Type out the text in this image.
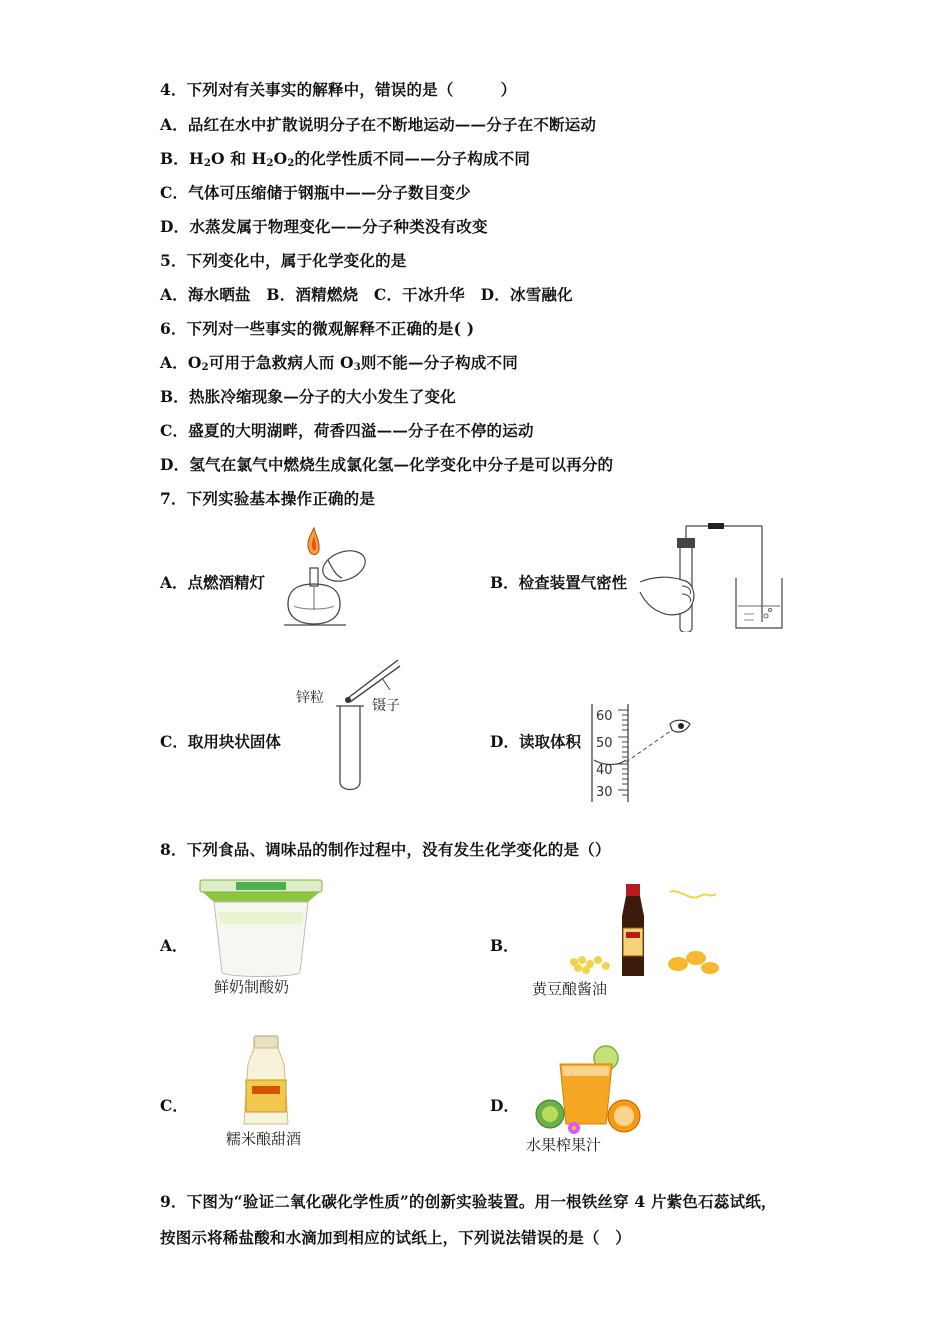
4．下列对有关事实的解释中，错误的是（　　　）
A．品红在水中扩散说明分子在不断地运动——分子在不断运动
B．$H_2O$ 和 $H_2O_2$的化学性质不同——分子构成不同
C．气体可压缩储于钢瓶中——分子数目变少
D．水蒸发属于物理变化——分子种类没有改变
5．下列变化中，属于化学变化的是
A．海水晒盐　B．酒精燃烧　C．干冰升华　D．冰雪融化
6．下列对一些事实的微观解释不正确的是( )
A．$O_2$可用于急救病人而 $O_3$则不能—分子构成不同
B．热胀冷缩现象—分子的大小发生了变化
C．盛夏的大明湖畔，荷香四溢——分子在不停的运动
D．氢气在氯气中燃烧生成氯化氢—化学变化中分子是可以再分的
7．下列实验基本操作正确的是
A．点燃酒精灯	B．检查装置气密性
C．取用块状固体
锌粒	镊子
D．读取体积
60
50
40
30
8．下列食品、调味品的制作过程中，没有发生化学变化的是（）
A．
鲜奶制酸奶
B．
黄豆酿酱油
C．
糯米酿甜酒
D．
水果榨果汁
9．下图为“验证二氧化碳化学性质”的创新实验装置。用一根铁丝穿 4 片紫色石蕊试纸，
按图示将稀盐酸和水滴加到相应的试纸上，下列说法错误的是（　）
